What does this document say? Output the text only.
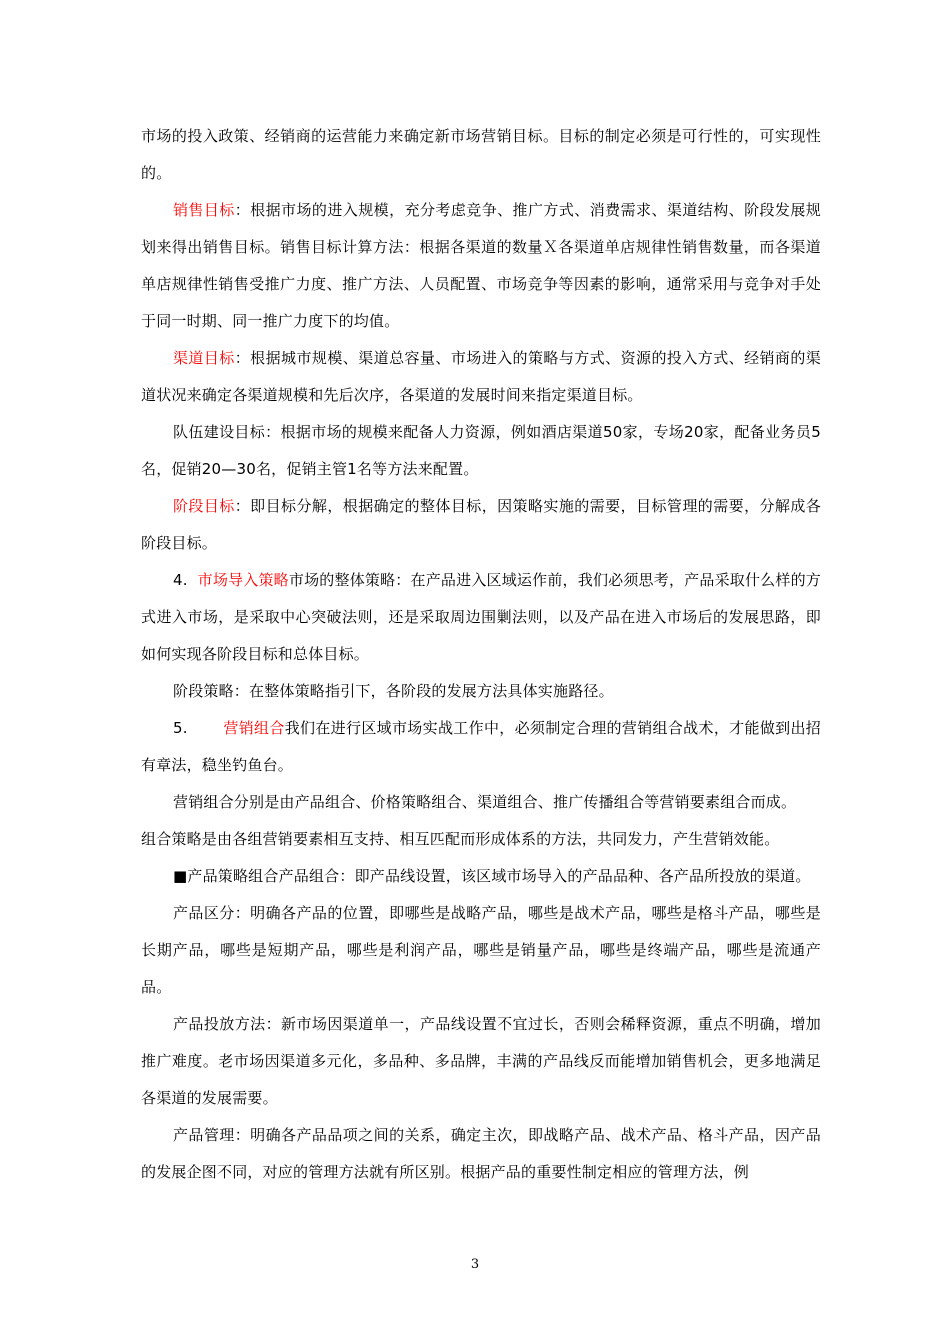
市场的投入政策、经销商的运营能力来确定新市场营销目标。目标的制定必须是可行性的，可实现性的。

销售目标：根据市场的进入规模，充分考虑竞争、推广方式、消费需求、渠道结构、阶段发展规划来得出销售目标。销售目标计算方法：根据各渠道的数量Ｘ各渠道单店规律性销售数量，而各渠道单店规律性销售受推广力度、推广方法、人员配置、市场竞争等因素的影响，通常采用与竞争对手处于同一时期、同一推广力度下的均值。

渠道目标：根据城市规模、渠道总容量、市场进入的策略与方式、资源的投入方式、经销商的渠道状况来确定各渠道规模和先后次序，各渠道的发展时间来指定渠道目标。

队伍建设目标：根据市场的规模来配备人力资源，例如酒店渠道50家，专场20家，配备业务员5名，促销20—30名，促销主管1名等方法来配置。

阶段目标：即目标分解，根据确定的整体目标，因策略实施的需要，目标管理的需要，分解成各阶段目标。

4. 市场导入策略市场的整体策略：在产品进入区域运作前，我们必须思考，产品采取什么样的方式进入市场，是采取中心突破法则，还是采取周边围剿法则，以及产品在进入市场后的发展思路，即如何实现各阶段目标和总体目标。

阶段策略：在整体策略指引下，各阶段的发展方法具体实施路径。

5. 营销组合我们在进行区域市场实战工作中，必须制定合理的营销组合战术，才能做到出招有章法，稳坐钓鱼台。

营销组合分别是由产品组合、价格策略组合、渠道组合、推广传播组合等营销要素组合而成。

组合策略是由各组营销要素相互支持、相互匹配而形成体系的方法，共同发力，产生营销效能。

■产品策略组合产品组合：即产品线设置，该区域市场导入的产品品种、各产品所投放的渠道。

产品区分：明确各产品的位置，即哪些是战略产品，哪些是战术产品，哪些是格斗产品，哪些是长期产品，哪些是短期产品，哪些是利润产品，哪些是销量产品，哪些是终端产品，哪些是流通产品。

产品投放方法：新市场因渠道单一，产品线设置不宜过长，否则会稀释资源，重点不明确，增加推广难度。老市场因渠道多元化，多品种、多品牌，丰满的产品线反而能增加销售机会，更多地满足各渠道的发展需要。

产品管理：明确各产品品项之间的关系，确定主次，即战略产品、战术产品、格斗产品，因产品的发展企图不同，对应的管理方法就有所区别。根据产品的重要性制定相应的管理方法，例

3
